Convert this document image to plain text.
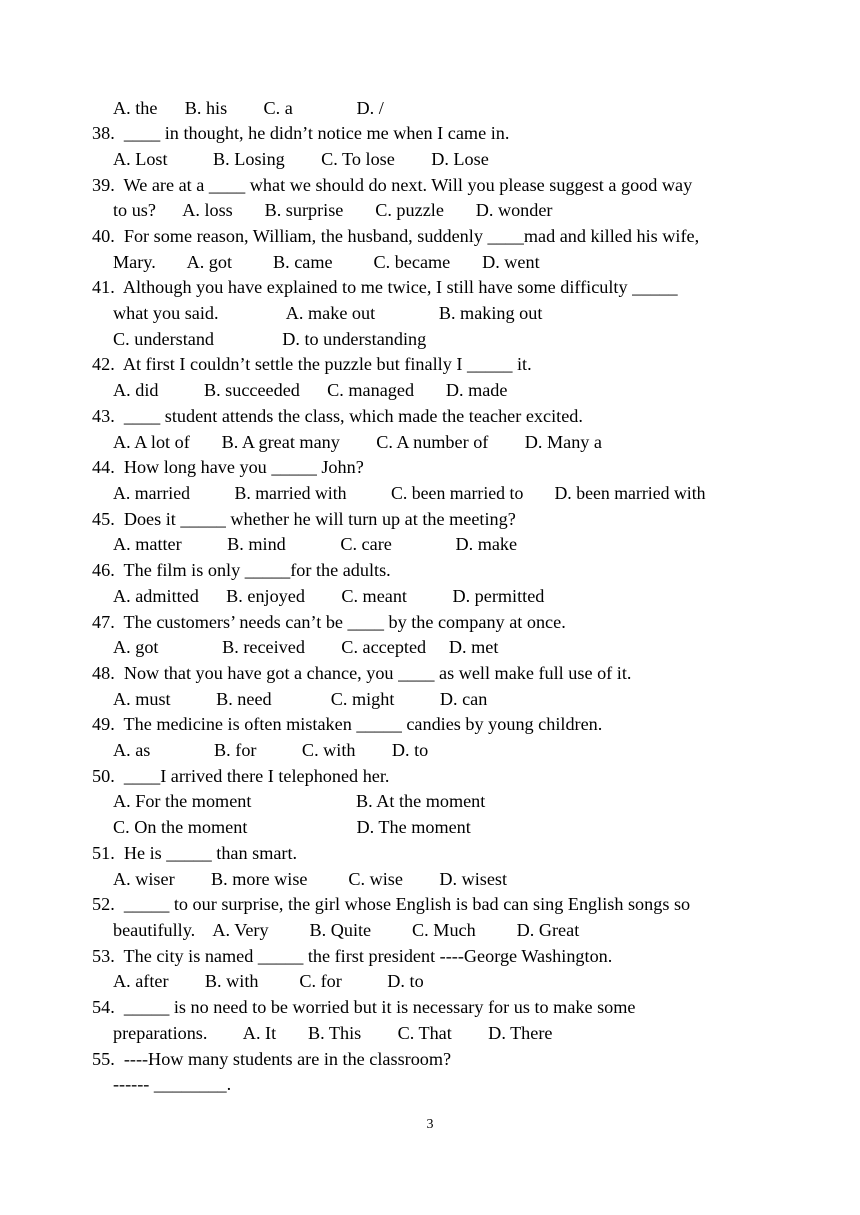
A. the      B. his        C. a              D. /
38.  ____ in thought, he didn’t notice me when I came in.
A. Lost          B. Losing        C. To lose        D. Lose
39.  We are at a ____ what we should do next. Will you please suggest a good way
to us?      A. loss       B. surprise       C. puzzle       D. wonder
40.  For some reason, William, the husband, suddenly ____mad and killed his wife,
Mary.       A. got         B. came         C. became       D. went
41.  Although you have explained to me twice, I still have some difficulty _____
what you said.               A. make out              B. making out
C. understand               D. to understanding
42.  At first I couldn’t settle the puzzle but finally I _____ it.
A. did          B. succeeded      C. managed       D. made
43.  ____ student attends the class, which made the teacher excited.
A. A lot of       B. A great many        C. A number of        D. Many a
44.  How long have you _____ John?
A. married          B. married with          C. been married to       D. been married with
45.  Does it _____ whether he will turn up at the meeting?
A. matter          B. mind            C. care              D. make
46.  The film is only _____for the adults.
A. admitted      B. enjoyed        C. meant          D. permitted
47.  The customers’ needs can’t be ____ by the company at once.
A. got              B. received        C. accepted     D. met
48.  Now that you have got a chance, you ____ as well make full use of it.
A. must          B. need             C. might          D. can
49.  The medicine is often mistaken _____ candies by young children.
A. as              B. for          C. with        D. to
50.  ____I arrived there I telephoned her.
A. For the moment                       B. At the moment
C. On the moment                        D. The moment
51.  He is _____ than smart.
A. wiser        B. more wise         C. wise        D. wisest
52.  _____ to our surprise, the girl whose English is bad can sing English songs so
beautifully.    A. Very         B. Quite         C. Much         D. Great
53.  The city is named _____ the first president ----George Washington.
A. after        B. with         C. for          D. to
54.  _____ is no need to be worried but it is necessary for us to make some
preparations.        A. It       B. This        C. That        D. There
55.  ----How many students are in the classroom?
------ ________.
3
